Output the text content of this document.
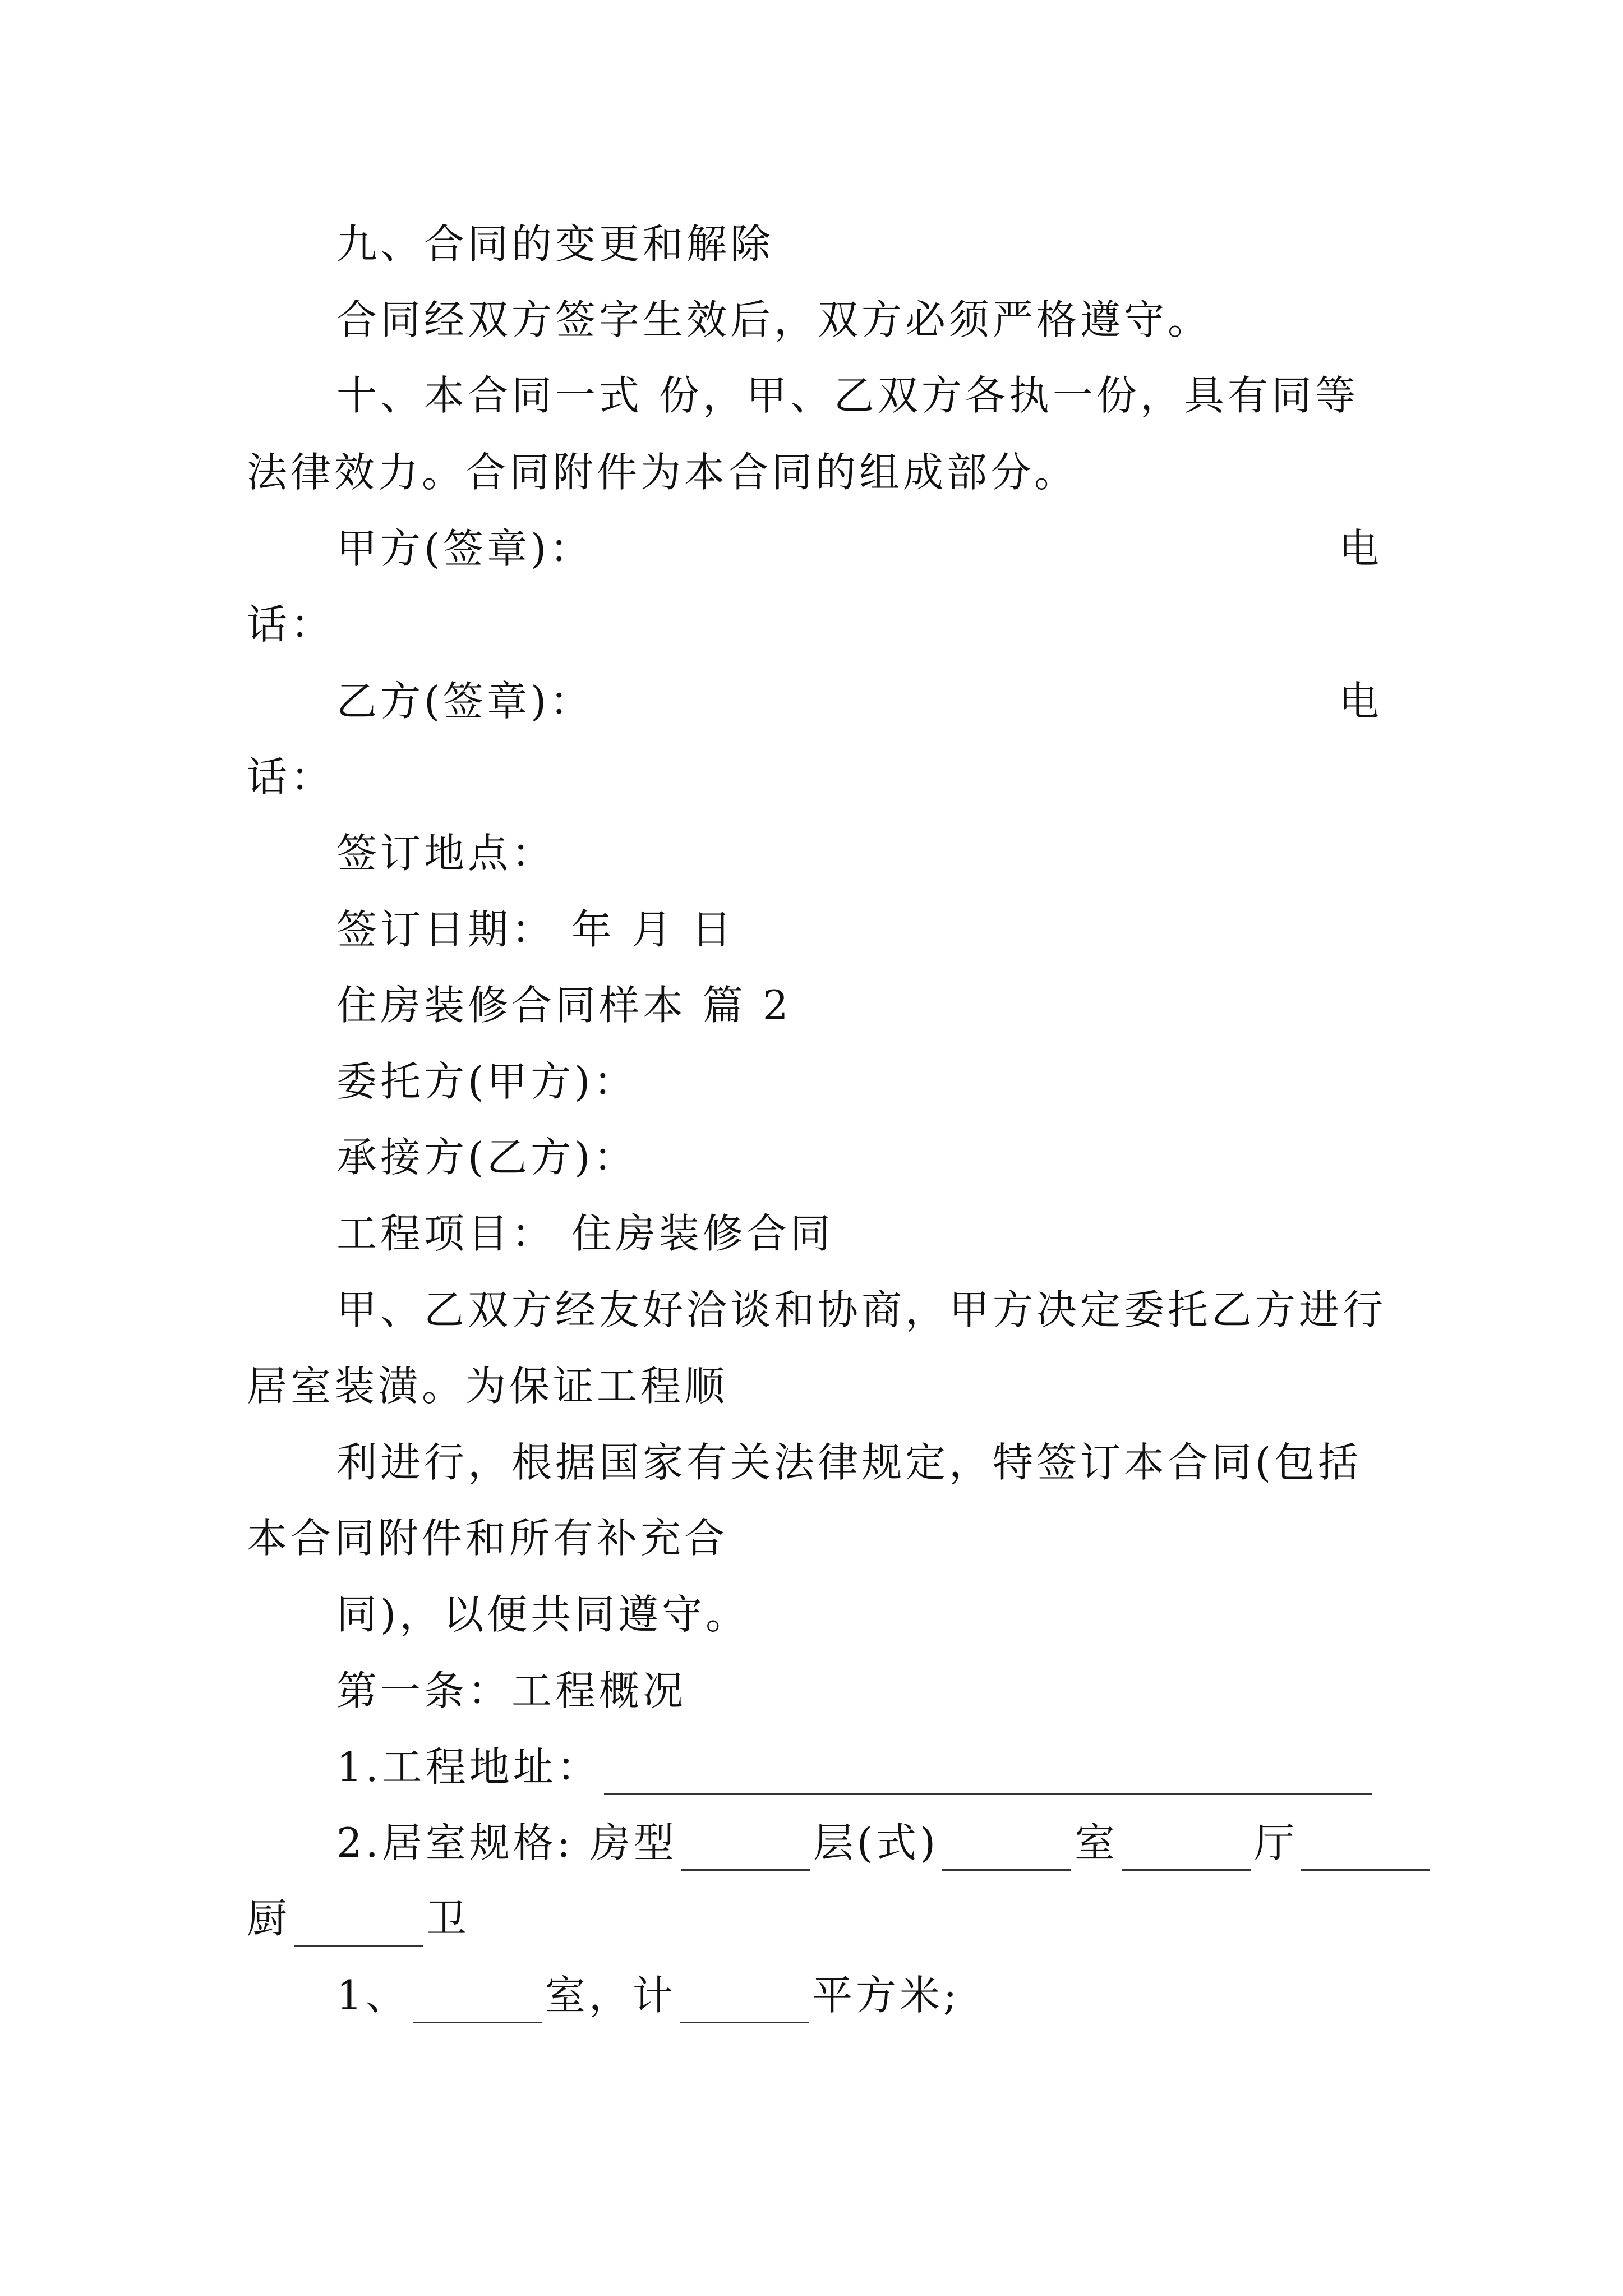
九、合同的变更和解除
合同经双方签字生效后，双方必须严格遵守。
十、本合同一式 份，甲、乙双方各执一份，具有同等
法律效力。合同附件为本合同的组成部分。
甲方(签章)：	电
话：
乙方(签章)：	电
话：
签订地点：
签订日期： 年 月 日
住房装修合同样本 篇 2
委托方(甲方)：
承接方(乙方)：
工程项目： 住房装修合同
甲、乙双方经友好洽谈和协商，甲方决定委托乙方进行
居室装潢。为保证工程顺
利进行，根据国家有关法律规定，特签订本合同(包括
本合同附件和所有补充合
同)，以便共同遵守。
第一条：工程概况
1.工程地址：
2.居室规格: 房型	层(式)	室	厅
厨	卫
1、	室，计	平方米;
